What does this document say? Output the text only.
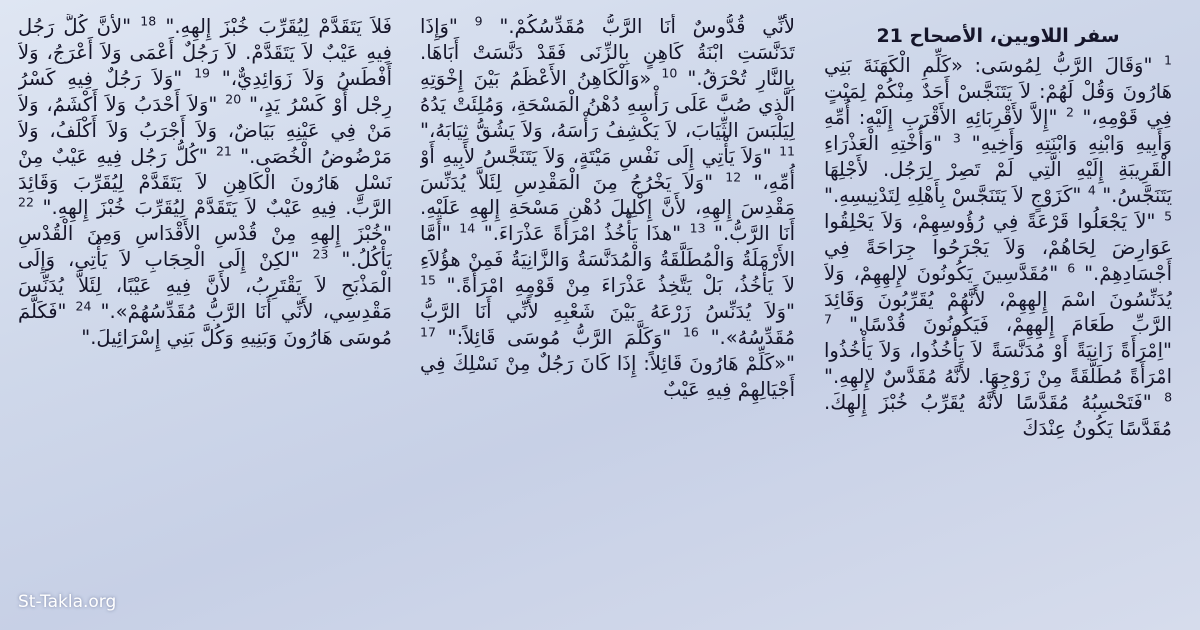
سفر اللاويين، الأصحاح 21
$^1$ "وَقَالَ الرَّبُّ لِمُوسَى: «كَلِّمِ الْكَهَنَةَ بَنِي هَارُونَ وَقُلْ لَهُمْ: لاَ يَتَنَجَّسْ أَحَدٌ مِنْكُمْ لِمَيْتٍ فِي قَوْمِهِ،" $^2$ "إِلاَّ لأَقْرِبَائِهِ الأَقْرَبِ إِلَيْهِ: أُمِّهِ وَأَبِيهِ وَابْنِهِ وَابْنَتِهِ وَأَخِيهِ" $^3$ "وَأُخْتِهِ الْعَذْرَاءِ الْقَرِيبَةِ إِلَيْهِ الَّتِي لَمْ تَصِرْ لِرَجُل. لأَجْلِهَا يَتَنَجَّسُ." $^4$ "كَزَوْجٍ لاَ يَتَنَجَّسْ بِأَهْلِهِ لِتَدْنِيسِهِ." $^5$ "لاَ يَجْعَلُوا قَرْعَةً فِي رُؤُوسِهِمْ، وَلاَ يَحْلِقُوا عَوَارِضَ لِحَاهُمْ، وَلاَ يَجْرَحُوا جِرَاحَةً فِي أَجْسَادِهِمْ." $^6$ "مُقَدَّسِينَ يَكُونُونَ لإِلهِهِمْ، وَلاَ يُدَنِّسُونَ اسْمَ إِلهِهِمْ، لأَنَّهُمْ يُقَرِّبُونَ وَقَائِدَ الرَّبِّ طَعَامَ إِلهِهِمْ، فَيَكُونُونَ قُدْسًا." $^7$ "اِمْرَأَةً زَانِيَةً أَوْ مُدَنَّسَةً لاَ يَأْخُذُوا، وَلاَ يَأْخُذُوا امْرَأَةً مُطَلَّقَةً مِنْ زَوْجِهَا. لأَنَّهُ مُقَدَّسٌ لإِلهِهِ." $^8$ "فَتَحْسِبُهُ مُقَدَّسًا لأَنَّهُ يُقَرِّبُ خُبْزَ إِلهِكَ. مُقَدَّسًا يَكُونُ عِنْدَكَ
لأَنِّي قُدُّوسٌ أَنَا الرَّبُّ مُقَدِّسُكُمْ." $^9$ "وَإِذَا تَدَنَّسَتِ ابْنَةُ كَاهِنٍ بِالزِّنَى فَقَدْ دَنَّسَتْ أَبَاهَا. بِالنَّارِ تُحْرَقُ." $^{10}$ «وَالْكَاهِنُ الأَعْظَمُ بَيْنَ إِخْوَتِهِ الَّذِي صُبَّ عَلَى رَأْسِهِ دُهْنُ الْمَسْحَةِ، وَمُلِئَتْ يَدُهُ لِيَلْبَسَ الثِّيَابَ، لاَ يَكْشِفُ رَأْسَهُ، وَلاَ يَشُقُّ ثِيَابَهُ،" $^{11}$ "وَلاَ يَأْتِي إِلَى نَفْسِ مَيْتَةٍ، وَلاَ يَتَنَجَّسُ لأَبِيهِ أَوْ أُمِّهِ،" $^{12}$ "وَلاَ يَخْرُجُ مِنَ الْمَقْدِسِ لِئَلاَّ يُدَنِّسَ مَقْدِسَ إِلهِهِ، لأَنَّ إِكْلِيلَ دُهْنِ مَسْحَةِ إِلهِهِ عَلَيْهِ. أَنَا الرَّبُّ." $^{13}$ "هذَا يَأْخُذُ امْرَأَةً عَذْرَاءَ." $^{14}$ "أَمَّا الأَرْمَلَةُ وَالْمُطَلَّقَةُ وَالْمُدَنَّسَةُ وَالزَّانِيَةُ فَمِنْ هؤُلاَءِ لاَ يَأْخُذُ، بَلْ يَتَّخِذُ عَذْرَاءَ مِنْ قَوْمِهِ امْرَأَةً." $^{15}$ "وَلاَ يُدَنِّسُ زَرْعَهُ بَيْنَ شَعْبِهِ لأَنِّي أَنَا الرَّبُّ مُقَدِّسُهُ»." $^{16}$ "وَكَلَّمَ الرَّبُّ مُوسَى قَائِلاً:" $^{17}$ "«كَلِّمْ هَارُونَ قَائِلاً: إِذَا كَانَ رَجُلٌ مِنْ نَسْلِكَ فِي أَجْيَالِهِمْ فِيهِ عَيْبٌ
فَلاَ يَتَقَدَّمْ لِيُقَرِّبَ خُبْزَ إِلهِهِ." $^{18}$ "لأَنَّ كُلَّ رَجُل فِيهِ عَيْبٌ لاَ يَتَقَدَّمْ. لاَ رَجُلٌ أَعْمَى وَلاَ أَعْرَجُ، وَلاَ أَفْطَسُ وَلاَ زَوَائِدِيٌّ،" $^{19}$ "وَلاَ رَجُلٌ فِيهِ كَسْرُ رِجْل أَوْ كَسْرُ يَدٍ،" $^{20}$ "وَلاَ أَحْدَبُ وَلاَ أَكْشَمُ، وَلاَ مَنْ فِي عَيْنِهِ بَيَاضٌ، وَلاَ أَجْرَبُ وَلاَ أَكْلَفُ، وَلاَ مَرْضُوضُ الْخُصَى." $^{21}$ "كُلُّ رَجُل فِيهِ عَيْبٌ مِنْ نَسْلِ هَارُونَ الْكَاهِنِ لاَ يَتَقَدَّمْ لِيُقَرِّبَ وَقَائِدَ الرَّبِّ. فِيهِ عَيْبٌ لاَ يَتَقَدَّمْ لِيُقَرِّبَ خُبْزَ إِلهِهِ." $^{22}$ "خُبْزَ إِلهِهِ مِنْ قُدْسِ الأَقْدَاسِ وَمِنَ الْقُدْسِ يَأْكُلُ." $^{23}$ "لكِنْ إِلَى الْحِجَابِ لاَ يَأْتِي، وَإِلَى الْمَذْبَحِ لاَ يَقْتَرِبُ، لأَنَّ فِيهِ عَيْبًا، لِئَلاَّ يُدَنِّسَ مَقْدِسِي، لأَنِّي أَنَا الرَّبُّ مُقَدِّسُهُمْ»." $^{24}$ "فَكَلَّمَ مُوسَى هَارُونَ وَبَنِيهِ وَكُلَّ بَنِي إِسْرَائِيلَ."
St-Takla.org
